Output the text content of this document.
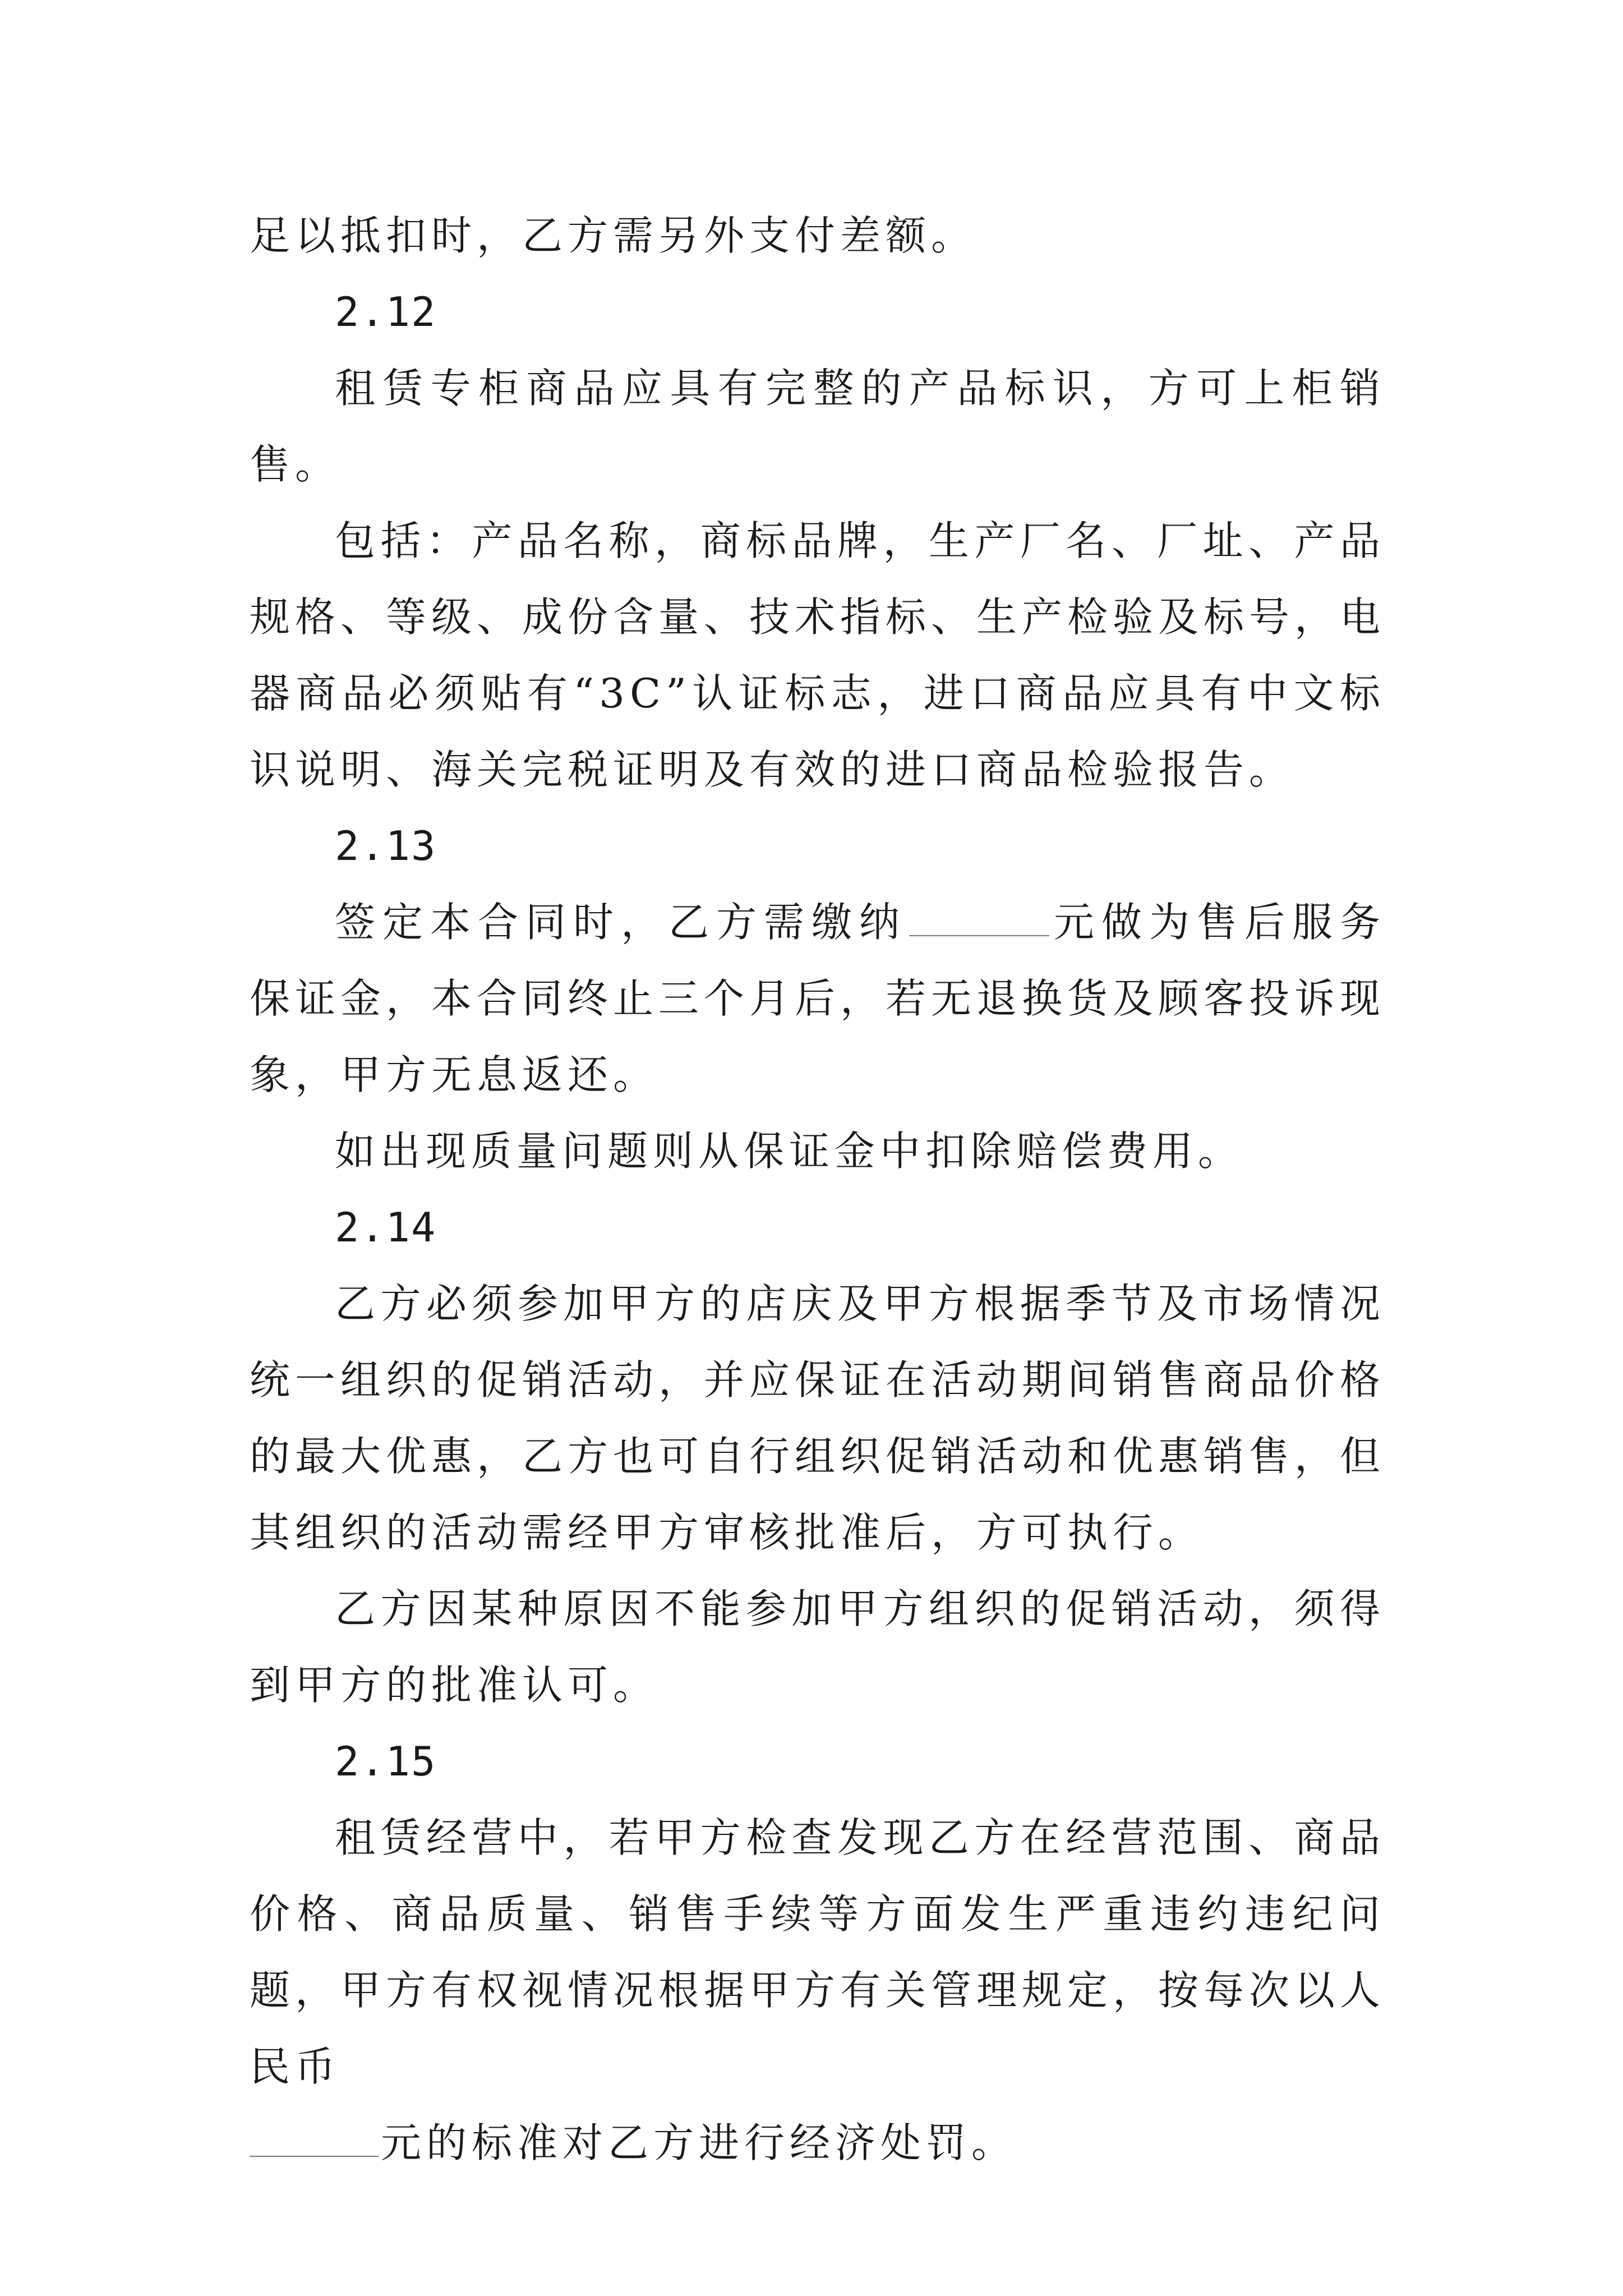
足以抵扣时，乙方需另外支付差额。

2.12

租赁专柜商品应具有完整的产品标识，方可上柜销售。

包括：产品名称，商标品牌，生产厂名、厂址、产品规格、等级、成份含量、技术指标、生产检验及标号，电器商品必须贴有“3C”认证标志，进口商品应具有中文标识说明、海关完税证明及有效的进口商品检验报告。

2.13

签定本合同时，乙方需缴纳	元做为售后服务保证金，本合同终止三个月后，若无退换货及顾客投诉现象，甲方无息返还。

如出现质量问题则从保证金中扣除赔偿费用。

2.14

乙方必须参加甲方的店庆及甲方根据季节及市场情况统一组织的促销活动，并应保证在活动期间销售商品价格的最大优惠，乙方也可自行组织促销活动和优惠销售，但其组织的活动需经甲方审核批准后，方可执行。

乙方因某种原因不能参加甲方组织的促销活动，须得到甲方的批准认可。

2.15

租赁经营中，若甲方检查发现乙方在经营范围、商品价格、商品质量、销售手续等方面发生严重违约违纪问题，甲方有权视情况根据甲方有关管理规定，按每次以人民币

元的标准对乙方进行经济处罚。
